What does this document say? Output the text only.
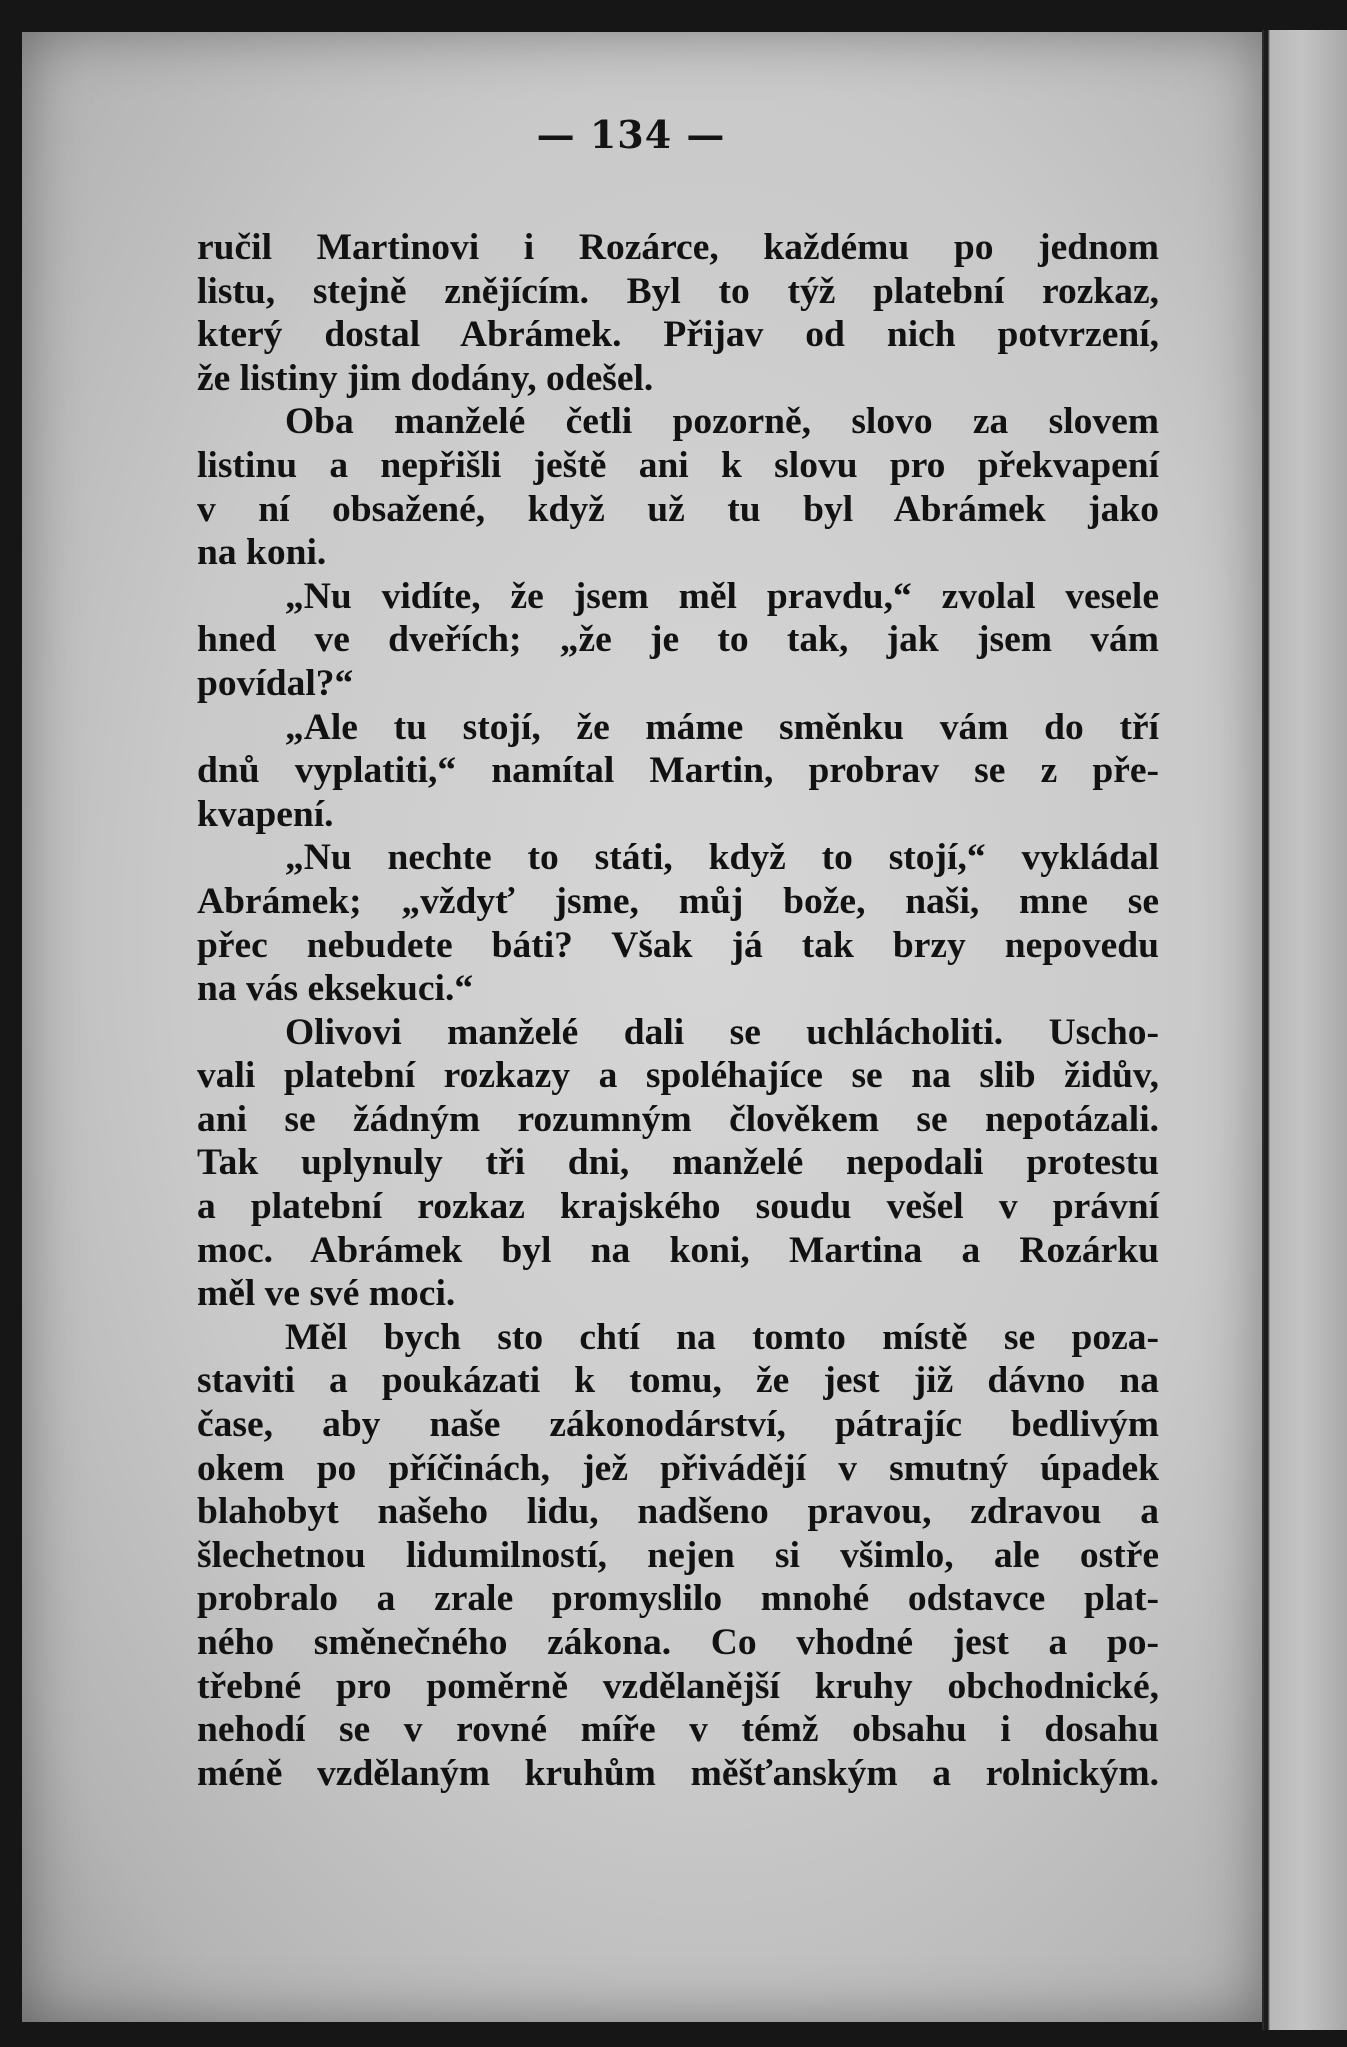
— 134 —
ručil Martinovi i Rozárce, každému po jednom
listu, stejně znějícím. Byl to týž platební rozkaz,
který dostal Abrámek. Přijav od nich potvrzení,
že listiny jim dodány, odešel.
Oba manželé četli pozorně, slovo za slovem
listinu a nepřišli ještě ani k slovu pro překvapení
v ní obsažené, když už tu byl Abrámek jako
na koni.
„Nu vidíte, že jsem měl pravdu,“ zvolal vesele
hned ve dveřích; „že je to tak, jak jsem vám
povídal?“
„Ale tu stojí, že máme směnku vám do tří
dnů vyplatiti,“ namítal Martin, probrav se z pře-
kvapení.
„Nu nechte to státi, když to stojí,“ vykládal
Abrámek; „vždyť jsme, můj bože, naši, mne se
přec nebudete báti? Však já tak brzy nepovedu
na vás eksekuci.“
Olivovi manželé dali se uchlácholiti. Uscho-
vali platební rozkazy a spoléhajíce se na slib židův,
ani se žádným rozumným člověkem se nepotázali.
Tak uplynuly tři dni, manželé nepodali protestu
a platební rozkaz krajského soudu vešel v právní
moc. Abrámek byl na koni, Martina a Rozárku
měl ve své moci.
Měl bych sto chtí na tomto místě se poza-
staviti a poukázati k tomu, že jest již dávno na
čase, aby naše zákonodárství, pátrajíc bedlivým
okem po příčinách, jež přivádějí v smutný úpadek
blahobyt našeho lidu, nadšeno pravou, zdravou a
šlechetnou lidumilností, nejen si všimlo, ale ostře
probralo a zrale promyslilo mnohé odstavce plat-
ného směnečného zákona. Co vhodné jest a po-
třebné pro poměrně vzdělanější kruhy obchodnické,
nehodí se v rovné míře v témž obsahu i dosahu
méně vzdělaným kruhům měšťanským a rolnickým.
